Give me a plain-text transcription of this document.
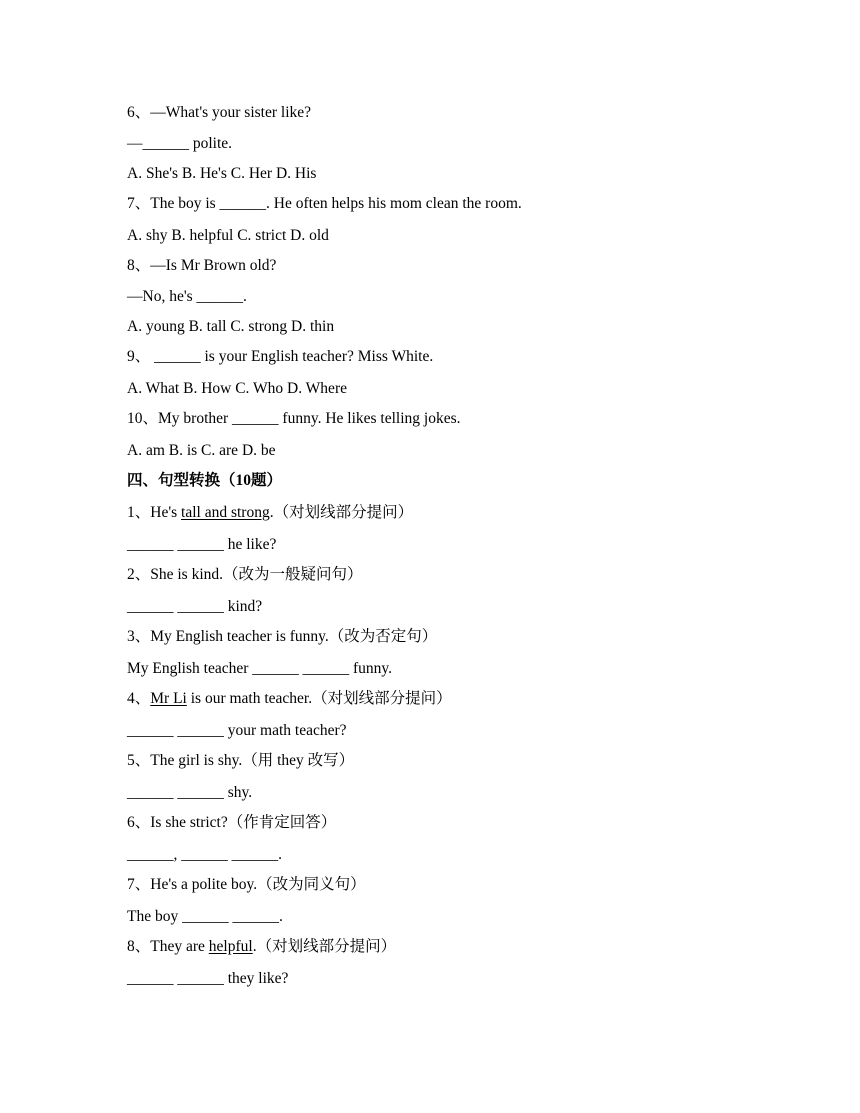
6、—What's your sister like?
—______ polite.
A. She's B. He's C. Her D. His
7、The boy is ______. He often helps his mom clean the room.
A. shy B. helpful C. strict D. old
8、—Is Mr Brown old?
—No, he's ______.
A. young B. tall C. strong D. thin
9、 ______ is your English teacher? Miss White.
A. What B. How C. Who D. Where
10、My brother ______ funny. He likes telling jokes.
A. am B. is C. are D. be
四、句型转换（10题）
1、He's tall and strong.（对划线部分提问）
______ ______ he like?
2、She is kind.（改为一般疑问句）
______ ______ kind?
3、My English teacher is funny.（改为否定句）
My English teacher ______ ______ funny.
4、Mr Li is our math teacher.（对划线部分提问）
______ ______ your math teacher?
5、The girl is shy.（用 they 改写）
______ ______ shy.
6、Is she strict?（作肯定回答）
______, ______ ______.
7、He's a polite boy.（改为同义句）
The boy ______ ______.
8、They are helpful.（对划线部分提问）
______ ______ they like?
